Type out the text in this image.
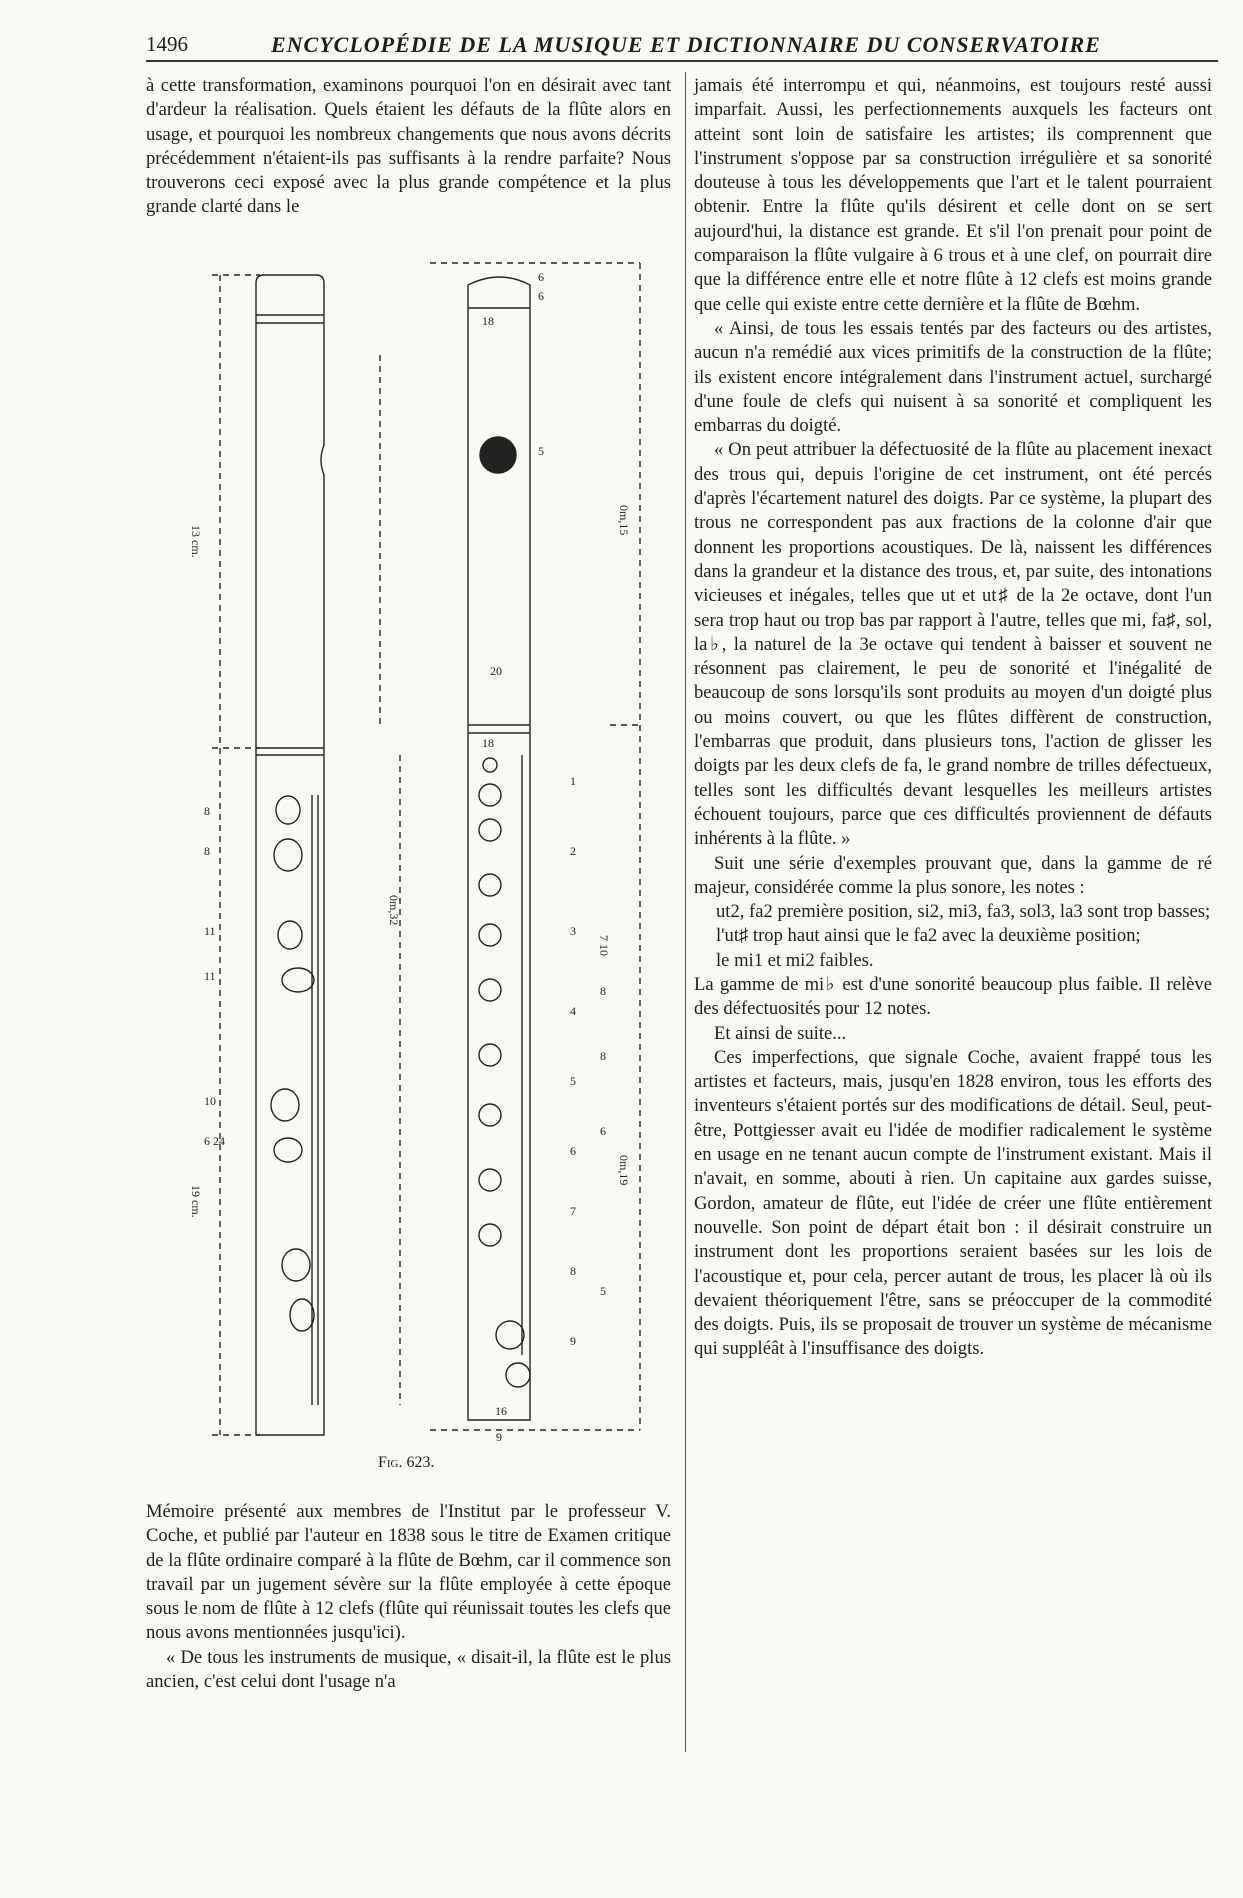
1496	ENCYCLOPÉDIE DE LA MUSIQUE ET DICTIONNAIRE DU CONSERVATOIRE

à cette transformation, examinons pourquoi l'on en désirait avec tant d'ardeur la réalisation. Quels étaient les défauts de la flûte alors en usage, et pourquoi les nombreux changements que nous avons décrits précédemment n'étaient-ils pas suffisants à la rendre parfaite? Nous trouverons ceci exposé avec la plus grande compétence et la plus grande clarté dans le

13 cm.
8
8
11
11
10
6 24
19 cm.
6
6
18
5
0m,15
20
18
0m,32
7 10
8
8
6
5
0m,19
16
9
1
2
3
4
5
6
7
8
9
Fig. 623.

Mémoire présenté aux membres de l'Institut par le professeur V. Coche, et publié par l'auteur en 1838 sous le titre de Examen critique de la flûte ordinaire comparé à la flûte de Bœhm, car il commence son travail par un jugement sévère sur la flûte employée à cette époque sous le nom de flûte à 12 clefs (flûte qui réunissait toutes les clefs que nous avons mentionnées jusqu'ici).

« De tous les instruments de musique, « disait-il, la flûte est le plus ancien, c'est celui dont l'usage n'a

jamais été interrompu et qui, néanmoins, est toujours resté aussi imparfait. Aussi, les perfectionnements auxquels les facteurs ont atteint sont loin de satisfaire les artistes; ils comprennent que l'instrument s'oppose par sa construction irrégulière et sa sonorité douteuse à tous les développements que l'art et le talent pourraient obtenir. Entre la flûte qu'ils désirent et celle dont on se sert aujourd'hui, la distance est grande. Et s'il l'on prenait pour point de comparaison la flûte vulgaire à 6 trous et à une clef, on pourrait dire que la différence entre elle et notre flûte à 12 clefs est moins grande que celle qui existe entre cette dernière et la flûte de Bœhm.

« Ainsi, de tous les essais tentés par des facteurs ou des artistes, aucun n'a remédié aux vices primitifs de la construction de la flûte; ils existent encore intégralement dans l'instrument actuel, surchargé d'une foule de clefs qui nuisent à sa sonorité et compliquent les embarras du doigté.

« On peut attribuer la défectuosité de la flûte au placement inexact des trous qui, depuis l'origine de cet instrument, ont été percés d'après l'écartement naturel des doigts. Par ce système, la plupart des trous ne correspondent pas aux fractions de la colonne d'air que donnent les proportions acoustiques. De là, naissent les différences dans la grandeur et la distance des trous, et, par suite, des intonations vicieuses et inégales, telles que ut et ut♯ de la 2e octave, dont l'un sera trop haut ou trop bas par rapport à l'autre, telles que mi, fa♯, sol, la♭, la naturel de la 3e octave qui tendent à baisser et souvent ne résonnent pas clairement, le peu de sonorité et l'inégalité de beaucoup de sons lorsqu'ils sont produits au moyen d'un doigté plus ou moins couvert, ou que les flûtes diffèrent de construction, l'embarras que produit, dans plusieurs tons, l'action de glisser les doigts par les deux clefs de fa, le grand nombre de trilles défectueux, telles sont les difficultés devant lesquelles les meilleurs artistes échouent toujours, parce que ces difficultés proviennent de défauts inhérents à la flûte. »

Suit une série d'exemples prouvant que, dans la gamme de ré majeur, considérée comme la plus sonore, les notes :

ut2, fa2 première position, si2, mi3, fa3, sol3, la3 sont trop basses;

l'ut♯ trop haut ainsi que le fa2 avec la deuxième position;

le mi1 et mi2 faibles.

La gamme de mi♭ est d'une sonorité beaucoup plus faible. Il relève des défectuosités pour 12 notes.

Et ainsi de suite...

Ces imperfections, que signale Coche, avaient frappé tous les artistes et facteurs, mais, jusqu'en 1828 environ, tous les efforts des inventeurs s'étaient portés sur des modifications de détail. Seul, peut-être, Pottgiesser avait eu l'idée de modifier radicalement le système en usage en ne tenant aucun compte de l'instrument existant. Mais il n'avait, en somme, abouti à rien. Un capitaine aux gardes suisse, Gordon, amateur de flûte, eut l'idée de créer une flûte entièrement nouvelle. Son point de départ était bon : il désirait construire un instrument dont les proportions seraient basées sur les lois de l'acoustique et, pour cela, percer autant de trous, les placer là où ils devaient théoriquement l'être, sans se préoccuper de la commodité des doigts. Puis, ils se proposait de trouver un système de mécanisme qui suppléât à l'insuffisance des doigts.
